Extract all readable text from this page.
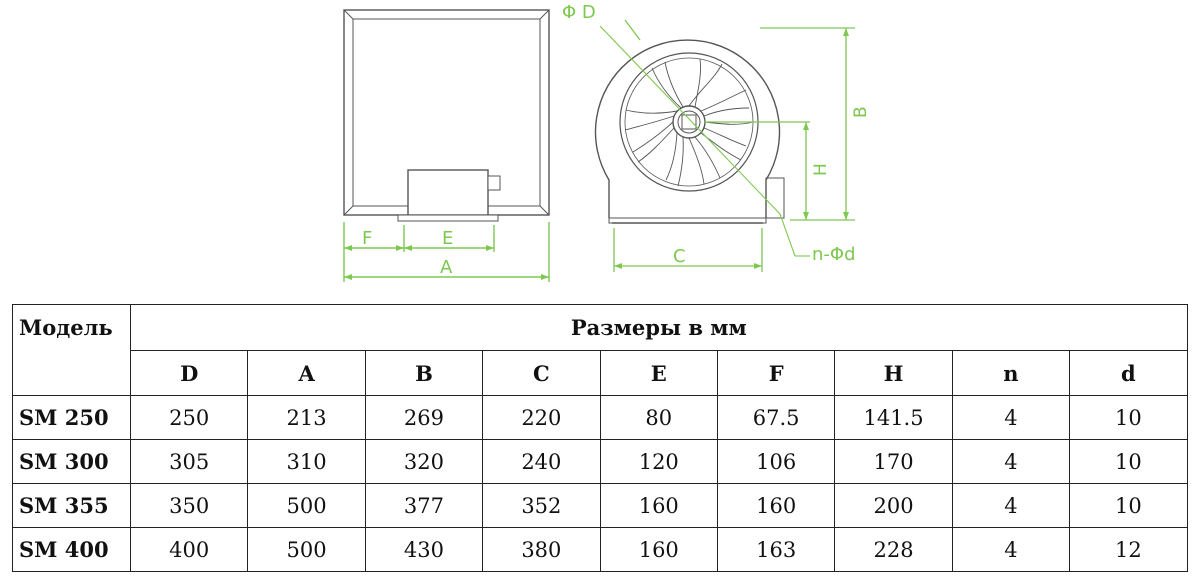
F	E
A
Φ D
B
H
C	n-Φd
Модель	Размеры в мм								
	D	A	B	C	E	F	H	n	d
SM 250	250	213	269	220	80	67.5	141.5	4	10
SM 300	305	310	320	240	120	106	170	4	10
SM 355	350	500	377	352	160	160	200	4	10
SM 400	400	500	430	380	160	163	228	4	12
